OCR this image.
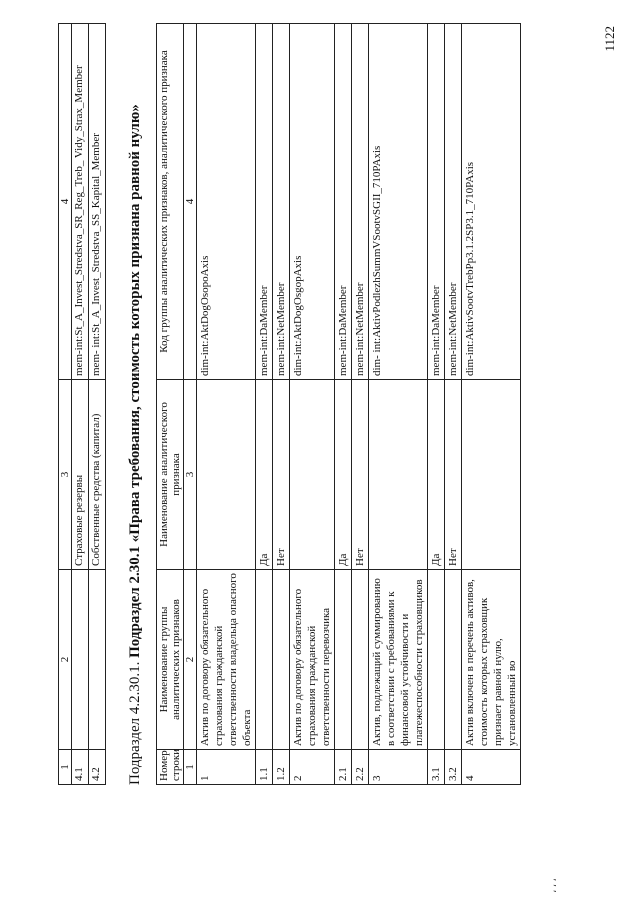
1	2	3	4
4.1		Страховые резервы	mem-int:St_A_Invest_Stredstva_SR_Reg_Treb_ Vidy_Strax_Member
4.2		Собственные средства (капитал)	mem- int:St_A_Invest_Stredstva_SS_Kapital_Member
Подраздел 4.2.30.1. Подраздел 2.30.1 «Права требования, стоимость которых признана равной нулю»
Номер строки	Наименование группы аналитических признаков	Наименование аналитического признака	Код группы аналитических признаков, аналитического признака
1	2	3	4
1	Актив по договору обязательного страхования гражданской ответственности владельца опасного объекта		dim-int:AktDogOsopoAxis
1.1		Да	mem-int:DaMember
1.2		Нет	mem-int:NetMember
2	Актив по договору обязательного страхования гражданской ответственности перевозчика		dim-int:AktDogOsgopAxis
2.1		Да	mem-int:DaMember
2.2		Нет	mem-int:NetMember
3	Актив, подлежащий суммированию в соответствии с требованиями к финансовой устойчивости и платежеспособности страховщиков		dim- int:AktivPodlezhSummVSootvSGII_710PAxis
3.1		Да	mem-int:DaMember
3.2		Нет	mem-int:NetMember
4	Актив включен в перечень активов, стоимость которых страховщик признает равной нулю, установленный во		dim-int:AktivSootvTrebPp3.1.2SP3.1_710PAxis
، ، ،
1122
